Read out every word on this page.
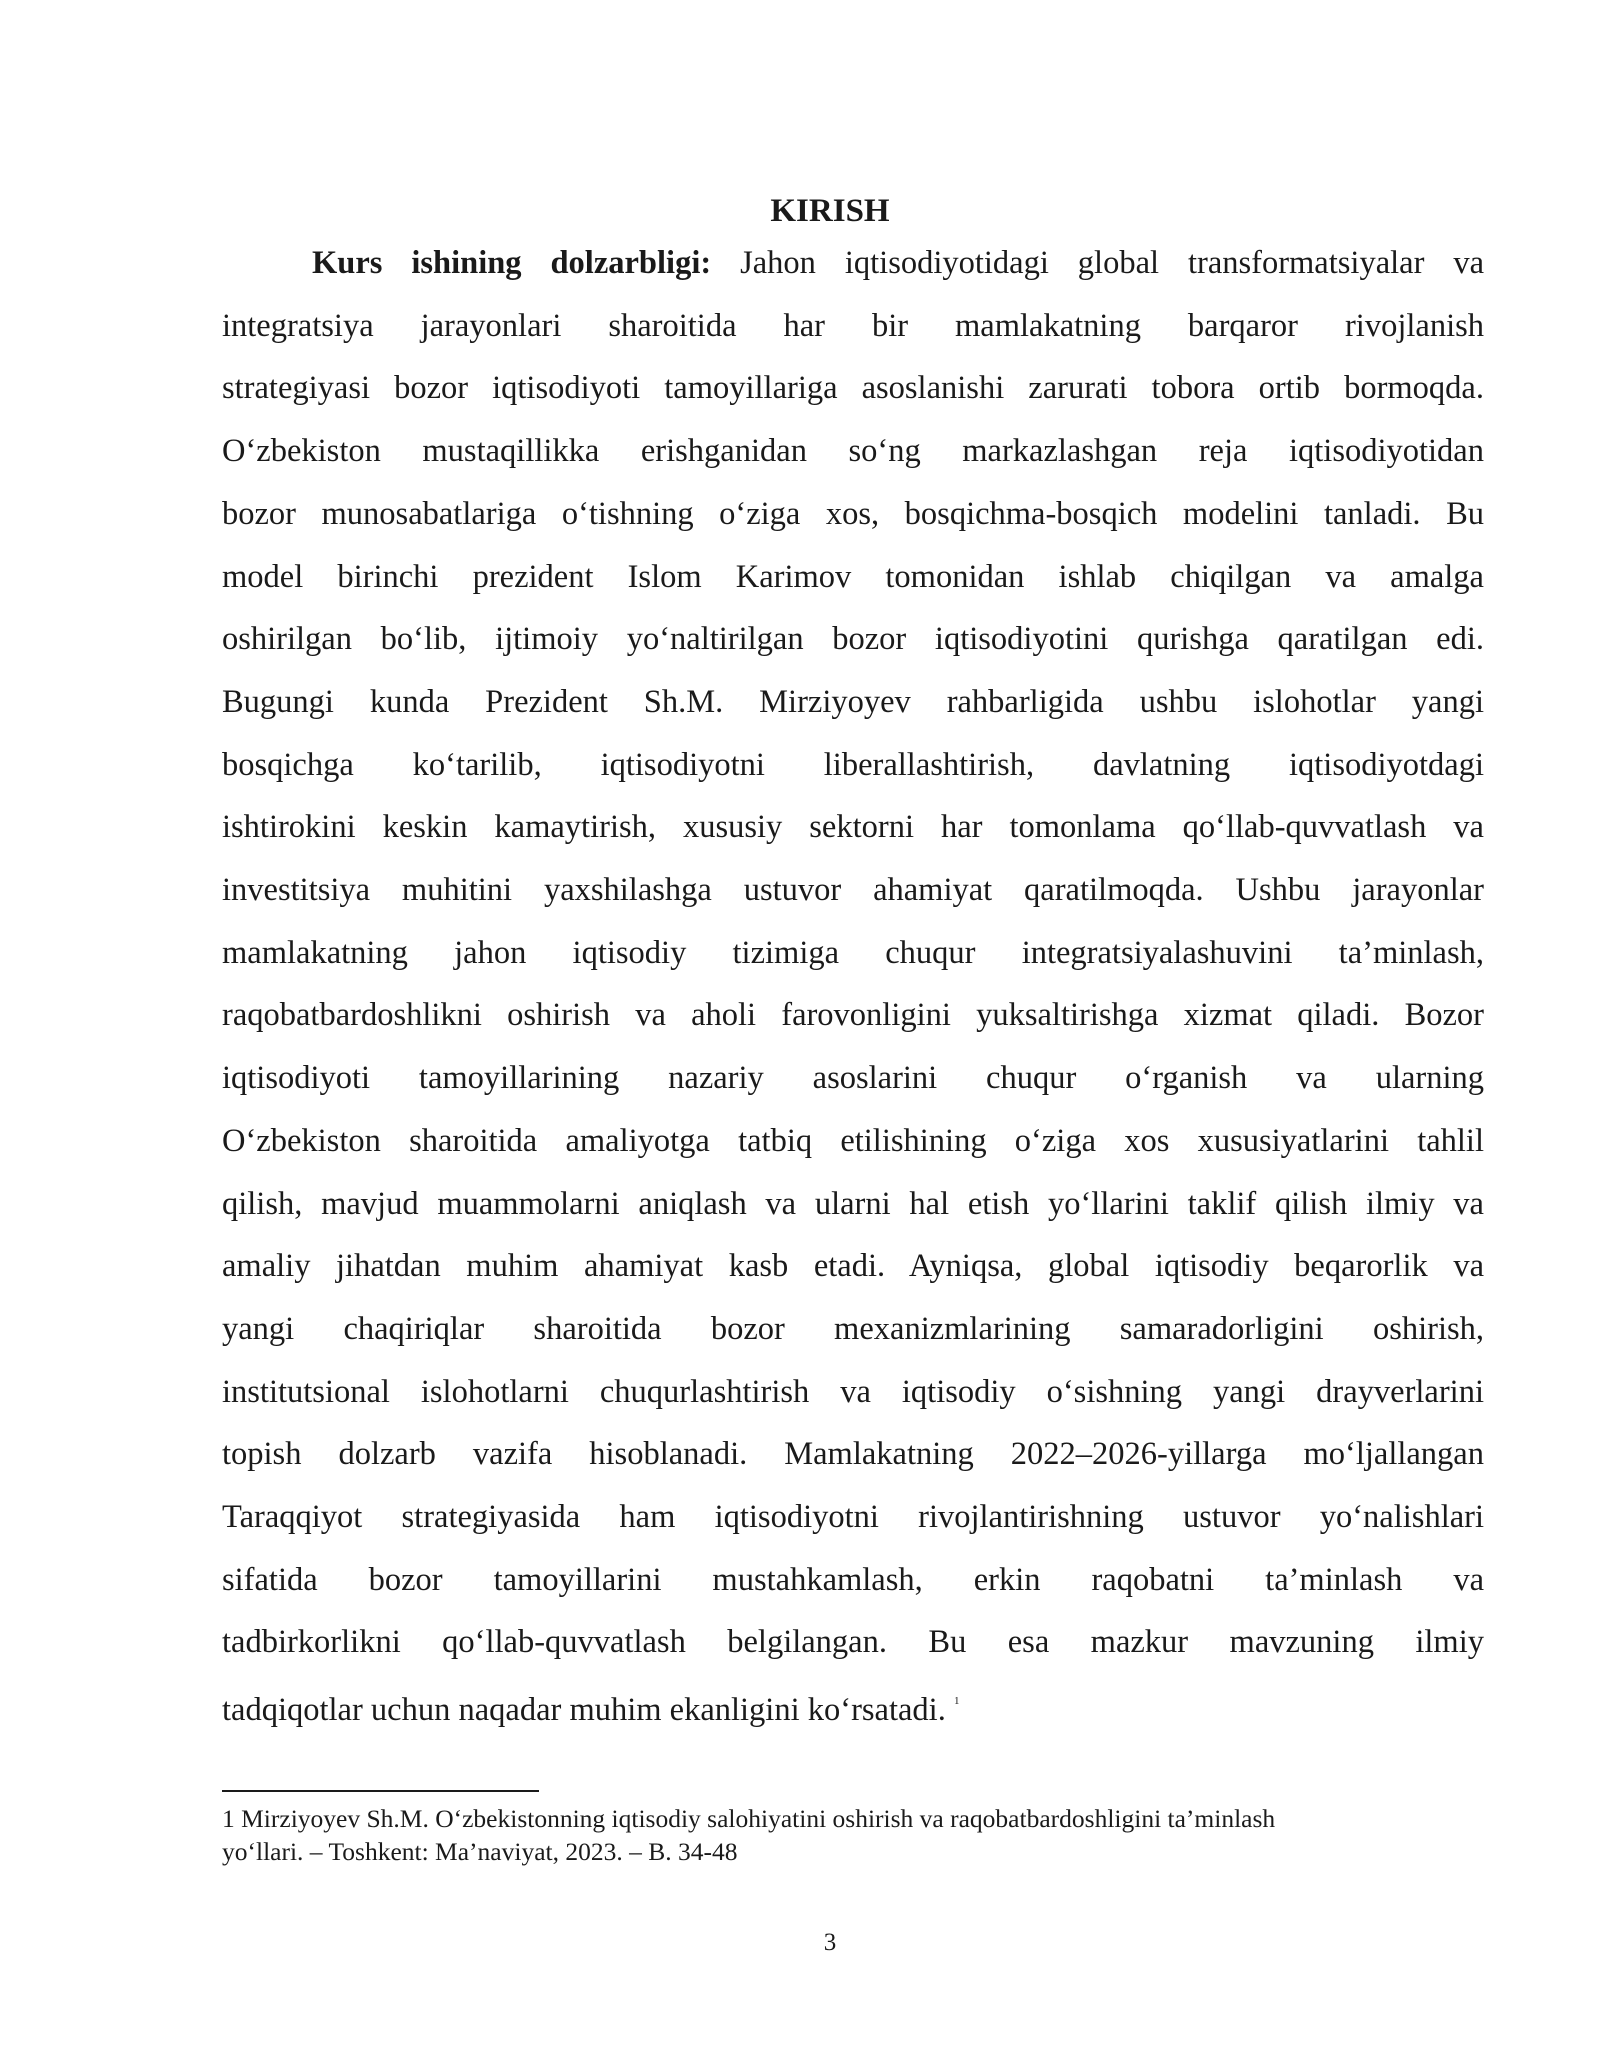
KIRISH
Kurs ishining dolzarbligi: Jahon iqtisodiyotidagi global transformatsiyalar va
integratsiya jarayonlari sharoitida har bir mamlakatning barqaror rivojlanish
strategiyasi bozor iqtisodiyoti tamoyillariga asoslanishi zarurati tobora ortib bormoqda.
O‘zbekiston mustaqillikka erishganidan so‘ng markazlashgan reja iqtisodiyotidan
bozor munosabatlariga o‘tishning o‘ziga xos, bosqichma-bosqich modelini tanladi. Bu
model birinchi prezident Islom Karimov tomonidan ishlab chiqilgan va amalga
oshirilgan bo‘lib, ijtimoiy yo‘naltirilgan bozor iqtisodiyotini qurishga qaratilgan edi.
Bugungi kunda Prezident Sh.M. Mirziyoyev rahbarligida ushbu islohotlar yangi
bosqichga ko‘tarilib, iqtisodiyotni liberallashtirish, davlatning iqtisodiyotdagi
ishtirokini keskin kamaytirish, xususiy sektorni har tomonlama qo‘llab-quvvatlash va
investitsiya muhitini yaxshilashga ustuvor ahamiyat qaratilmoqda. Ushbu jarayonlar
mamlakatning jahon iqtisodiy tizimiga chuqur integratsiyalashuvini ta’minlash,
raqobatbardoshlikni oshirish va aholi farovonligini yuksaltirishga xizmat qiladi. Bozor
iqtisodiyoti tamoyillarining nazariy asoslarini chuqur o‘rganish va ularning
O‘zbekiston sharoitida amaliyotga tatbiq etilishining o‘ziga xos xususiyatlarini tahlil
qilish, mavjud muammolarni aniqlash va ularni hal etish yo‘llarini taklif qilish ilmiy va
amaliy jihatdan muhim ahamiyat kasb etadi. Ayniqsa, global iqtisodiy beqarorlik va
yangi chaqiriqlar sharoitida bozor mexanizmlarining samaradorligini oshirish,
institutsional islohotlarni chuqurlashtirish va iqtisodiy o‘sishning yangi drayverlarini
topish dolzarb vazifa hisoblanadi. Mamlakatning 2022–2026-yillarga mo‘ljallangan
Taraqqiyot strategiyasida ham iqtisodiyotni rivojlantirishning ustuvor yo‘nalishlari
sifatida bozor tamoyillarini mustahkamlash, erkin raqobatni ta’minlash va
tadbirkorlikni qo‘llab-quvvatlash belgilangan. Bu esa mazkur mavzuning ilmiy
tadqiqotlar uchun naqadar muhim ekanligini ko‘rsatadi. $^1$
1 Mirziyoyev Sh.M. O‘zbekistonning iqtisodiy salohiyatini oshirish va raqobatbardoshligini ta’minlash
yo‘llari. – Toshkent: Ma’naviyat, 2023. – B. 34-48
3
